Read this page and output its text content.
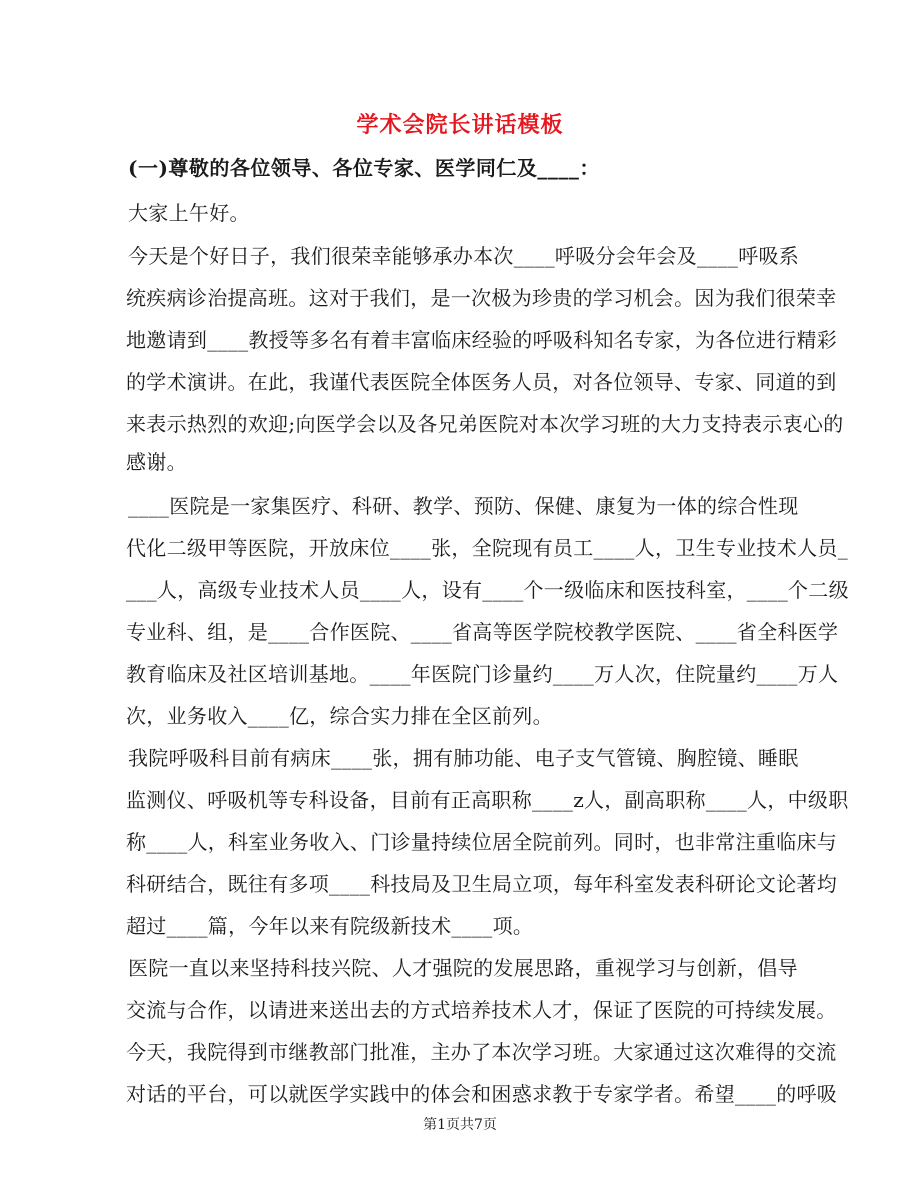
学术会院长讲话模板
(一)尊敬的各位领导、各位专家、医学同仁及____：
大家上午好。
今天是个好日子，我们很荣幸能够承办本次____呼吸分会年会及____呼吸系
统疾病诊治提高班。这对于我们，是一次极为珍贵的学习机会。因为我们很荣幸
地邀请到____教授等多名有着丰富临床经验的呼吸科知名专家，为各位进行精彩
的学术演讲。在此，我谨代表医院全体医务人员，对各位领导、专家、同道的到
来表示热烈的欢迎;向医学会以及各兄弟医院对本次学习班的大力支持表示衷心的
感谢。
____医院是一家集医疗、科研、教学、预防、保健、康复为一体的综合性现
代化二级甲等医院，开放床位____张，全院现有员工____人，卫生专业技术人员_
___人，高级专业技术人员____人，设有____个一级临床和医技科室，____个二级
专业科、组，是____合作医院、____省高等医学院校教学医院、____省全科医学
教育临床及社区培训基地。____年医院门诊量约____万人次，住院量约____万人
次，业务收入____亿，综合实力排在全区前列。
我院呼吸科目前有病床____张，拥有肺功能、电子支气管镜、胸腔镜、睡眠
监测仪、呼吸机等专科设备，目前有正高职称____z人，副高职称____人，中级职
称____人，科室业务收入、门诊量持续位居全院前列。同时，也非常注重临床与
科研结合，既往有多项____科技局及卫生局立项，每年科室发表科研论文论著均
超过____篇，今年以来有院级新技术____项。
医院一直以来坚持科技兴院、人才强院的发展思路，重视学习与创新，倡导
交流与合作，以请进来送出去的方式培养技术人才，保证了医院的可持续发展。
今天，我院得到市继教部门批准，主办了本次学习班。大家通过这次难得的交流
对话的平台，可以就医学实践中的体会和困惑求教于专家学者。希望____的呼吸
第1页共7页
